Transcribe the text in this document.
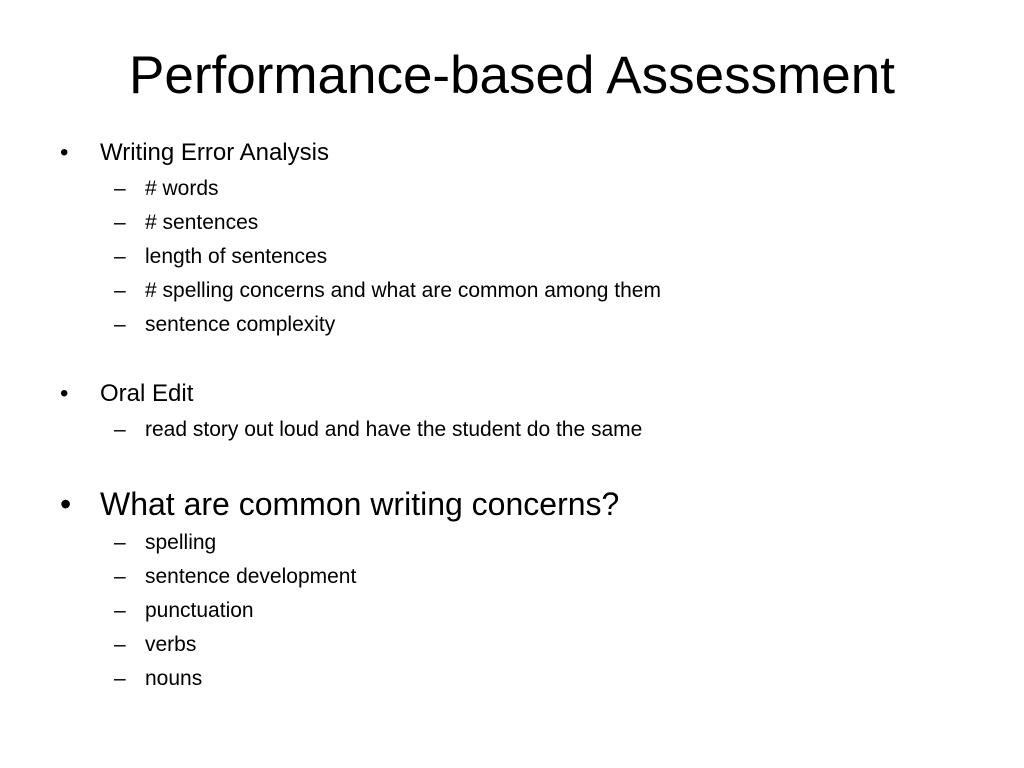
Performance-based Assessment
• Writing Error Analysis
– # words
– # sentences
– length of sentences
– # spelling concerns and what are common among them
– sentence complexity
• Oral Edit
– read story out loud and have the student do the same
• What are common writing concerns?
– spelling
– sentence development
– punctuation
– verbs
– nouns
